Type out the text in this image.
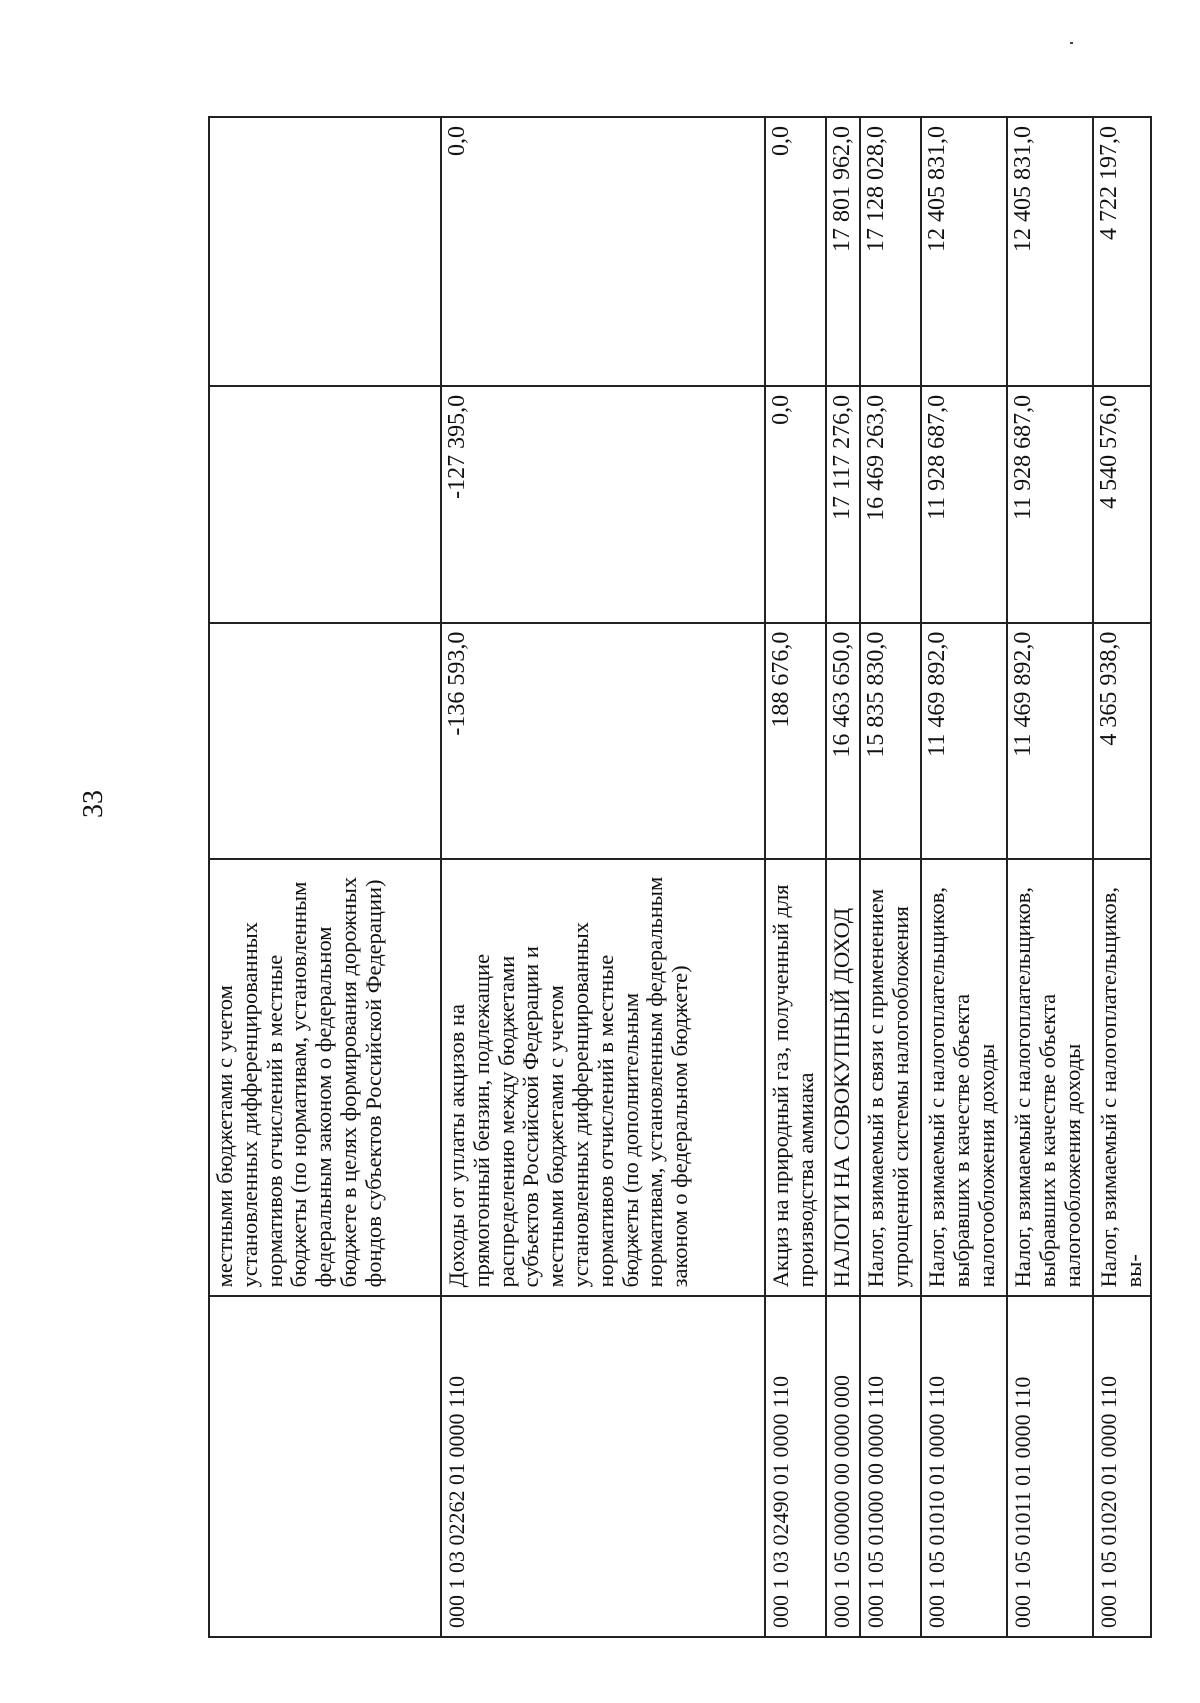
33
	местными бюджетами с учетом установленных дифференцированных нормативов отчислений в местные бюджеты (по нормативам, установленным федеральным законом о федеральном бюджете в целях формирования дорожных фондов субъектов Российской Федерации)			
000 1 03 02262 01 0000 110	Доходы от уплаты акцизов на прямогонный бензин, подлежащие распределению между бюджетами субъектов Российской Федерации и местными бюджетами с учетом установленных дифференцированных нормативов отчислений в местные бюджеты (по дополнительным нормативам, установленным федеральным законом о федеральном бюджете)	-136 593,0	-127 395,0	0,0
000 1 03 02490 01 0000 110	Акциз на природный газ, полученный для производства аммиака	188 676,0	0,0	0,0
000 1 05 00000 00 0000 000	НАЛОГИ НА СОВОКУПНЫЙ ДОХОД	16 463 650,0	17 117 276,0	17 801 962,0
000 1 05 01000 00 0000 110	Налог, взимаемый в связи с применением упрощенной системы налогообложения	15 835 830,0	16 469 263,0	17 128 028,0
000 1 05 01010 01 0000 110	Налог, взимаемый с налогоплательщиков, выбравших в качестве объекта налогообложения доходы	11 469 892,0	11 928 687,0	12 405 831,0
000 1 05 01011 01 0000 110	Налог, взимаемый с налогоплательщиков, выбравших в качестве объекта налогообложения доходы	11 469 892,0	11 928 687,0	12 405 831,0
000 1 05 01020 01 0000 110	Налог, взимаемый с налогоплательщиков, вы-	4 365 938,0	4 540 576,0	4 722 197,0
